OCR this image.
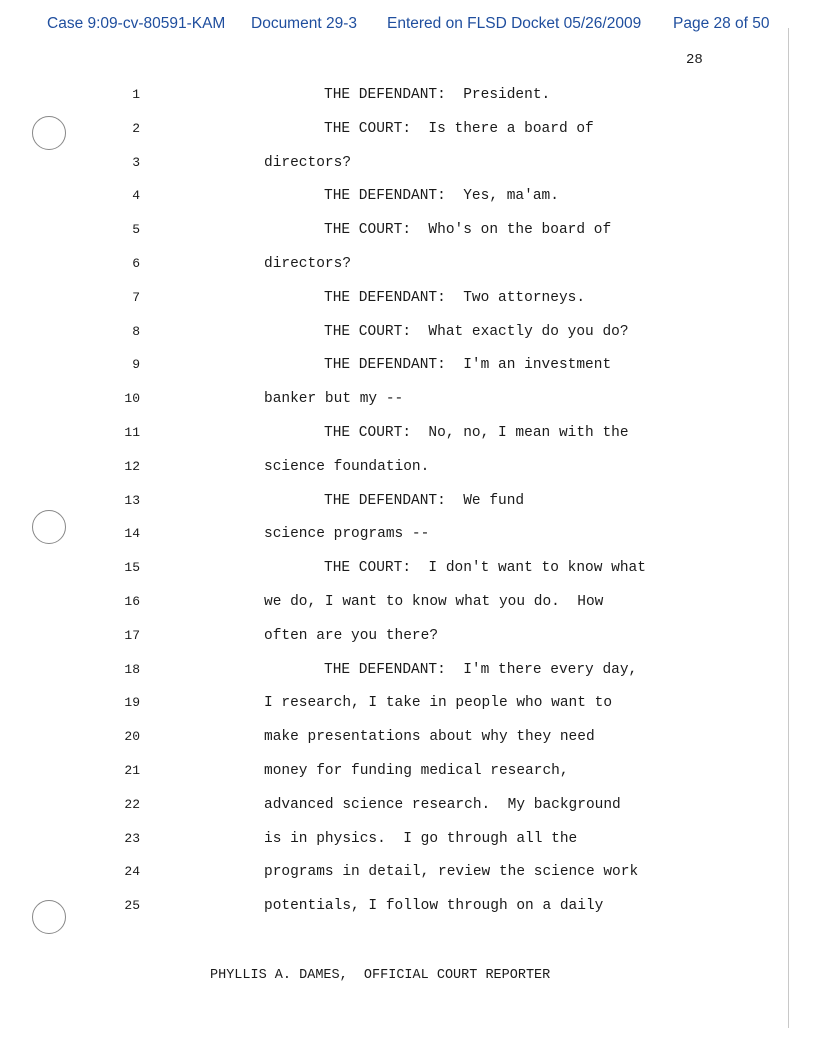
Case 9:09-cv-80591-KAM Document 29-3 Entered on FLSD Docket 05/26/2009 Page 28 of 50
28
1	THE DEFENDANT:  President.
2	THE COURT:  Is there a board of
3	directors?
4	THE DEFENDANT:  Yes, ma'am.
5	THE COURT:  Who's on the board of
6	directors?
7	THE DEFENDANT:  Two attorneys.
8	THE COURT:  What exactly do you do?
9	THE DEFENDANT:  I'm an investment
10	banker but my --
11	THE COURT:  No, no, I mean with the
12	science foundation.
13	THE DEFENDANT:  We fund
14	science programs --
15	THE COURT:  I don't want to know what
16	we do, I want to know what you do.  How
17	often are you there?
18	THE DEFENDANT:  I'm there every day,
19	I research, I take in people who want to
20	make presentations about why they need
21	money for funding medical research,
22	advanced science research.  My background
23	is in physics.  I go through all the
24	programs in detail, review the science work
25	potentials, I follow through on a daily
PHYLLIS A. DAMES,  OFFICIAL COURT REPORTER
